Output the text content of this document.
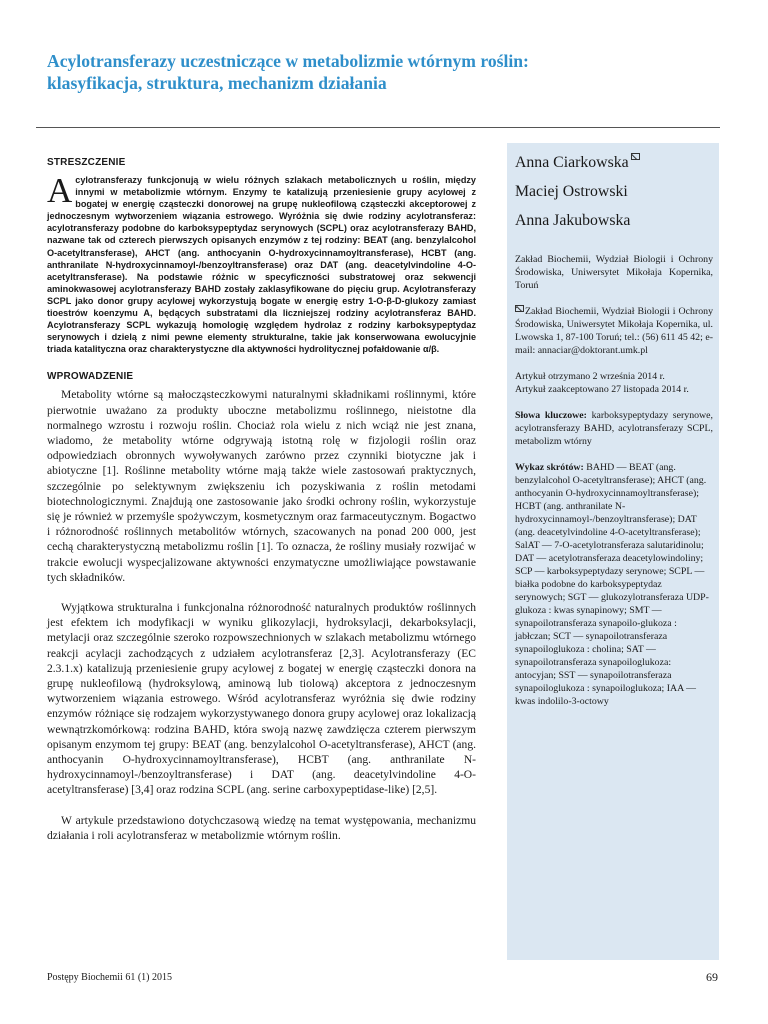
Acylotransferazy uczestniczące w metabolizmie wtórnym roślin: klasyfikacja, struktura, mechanizm działania
STRESZCZENIE

Acylotransferazy funkcjonują w wielu różnych szlakach metabolicznych u roślin, między innymi w metabolizmie wtórnym. Enzymy te katalizują przeniesienie grupy acylowej z bogatej w energię cząsteczki donorowej na grupę nukleofilową cząsteczki akceptorowej z jednoczesnym wytworzeniem wiązania estrowego. Wyróżnia się dwie rodziny acylotransferaz: acylotransferazy podobne do karboksypeptydaz serynowych (SCPL) oraz acylotransferazy BAHD, nazwane tak od czterech pierwszych opisanych enzymów z tej rodziny: BEAT (ang. benzylalcohol O-acetyltransferase), AHCT (ang. anthocyanin O-hydroxycinnamoyltransferase), HCBT (ang. anthranilate N-hydroxycinnamoyl-/benzoyltransferase) oraz DAT (ang. deacetylvindoline 4-O-acetyltransferase). Na podstawie różnic w specyficzności substratowej oraz sekwencji aminokwasowej acylotransferazy BAHD zostały zaklasyfikowane do pięciu grup. Acylotransferazy SCPL jako donor grupy acylowej wykorzystują bogate w energię estry 1-O-β-D-glukozy zamiast tioestrów koenzymu A, będących substratami dla liczniejszej rodziny acylotransferaz BAHD. Acylotransferazy SCPL wykazują homologię względem hydrolaz z rodziny karboksypeptydaz serynowych i dzielą z nimi pewne elementy strukturalne, takie jak konserwowana ewolucyjnie triada katalityczna oraz charakterystyczne dla aktywności hydrolitycznej pofałdowanie α/β.

WPROWADZENIE

Metabolity wtórne są małocząsteczkowymi naturalnymi składnikami roślinnymi, które pierwotnie uważano za produkty uboczne metabolizmu roślinnego, nieistotne dla normalnego wzrostu i rozwoju roślin. Chociaż rola wielu z nich wciąż nie jest znana, wiadomo, że metabolity wtórne odgrywają istotną rolę w fizjologii roślin oraz odpowiedziach obronnych wywoływanych zarówno przez czynniki biotyczne jak i abiotyczne [1]. Roślinne metabolity wtórne mają także wiele zastosowań praktycznych, szczególnie po selektywnym zwiększeniu ich pozyskiwania z roślin metodami biotechnologicznymi. Znajdują one zastosowanie jako środki ochrony roślin, wykorzystuje się je również w przemyśle spożywczym, kosmetycznym oraz farmaceutycznym. Bogactwo i różnorodność roślinnych metabolitów wtórnych, szacowanych na ponad 200 000, jest cechą charakterystyczną metabolizmu roślin [1]. To oznacza, że rośliny musiały rozwijać w trakcie ewolucji wyspecjalizowane aktywności enzymatyczne umożliwiające powstawanie tych składników.

Wyjątkowa strukturalna i funkcjonalna różnorodność naturalnych produktów roślinnych jest efektem ich modyfikacji w wyniku glikozylacji, hydroksylacji, dekarboksylacji, metylacji oraz szczególnie szeroko rozpowszechnionych w szlakach metabolizmu wtórnego reakcji acylacji zachodzących z udziałem acylotransferaz [2,3]. Acylotransferazy (EC 2.3.1.x) katalizują przeniesienie grupy acylowej z bogatej w energię cząsteczki donora na grupę nukleofilową (hydroksylową, aminową lub tiolową) akceptora z jednoczesnym wytworzeniem wiązania estrowego. Wśród acylotransferaz wyróżnia się dwie rodziny enzymów różniące się rodzajem wykorzystywanego donora grupy acylowej oraz lokalizacją wewnątrzkomórkową: rodzina BAHD, która swoją nazwę zawdzięcza czterem pierwszym opisanym enzymom tej grupy: BEAT (ang. benzylalcohol O-acetyltransferase), AHCT (ang. anthocyanin O-hydroxycinnamoyltransferase), HCBT (ang. anthranilate N-hydroxycinnamoyl-/benzoyltransferase) i DAT (ang. deacetylvindoline 4-O-acetyltransferase) [3,4] oraz rodzina SCPL (ang. serine carboxypeptidase-like) [2,5].

W artykule przedstawiono dotychczasową wiedzę na temat występowania, mechanizmu działania i roli acylotransferaz w metabolizmie wtórnym roślin.

Anna Ciarkowska

Maciej Ostrowski

Anna Jakubowska

Zakład Biochemii, Wydział Biologii i Ochrony Środowiska, Uniwersytet Mikołaja Kopernika, Toruń

Zakład Biochemii, Wydział Biologii i Ochrony Środowiska, Uniwersytet Mikołaja Kopernika, ul. Lwowska 1, 87-100 Toruń; tel.: (56) 611 45 42; e-mail: annaciar@doktorant.umk.pl

Artykuł otrzymano 2 września 2014 r.

Artykuł zaakceptowano 27 listopada 2014 r.

Słowa kluczowe: karboksypeptydazy serynowe, acylotransferazy BAHD, acylotransferazy SCPL, metabolizm wtórny

Wykaz skrótów: BAHD — BEAT (ang. benzylalcohol O-acetyltransferase); AHCT (ang. anthocyanin O-hydroxycinnamoyltransferase); HCBT (ang. anthranilate N-hydroxycinnamoyl-/benzoyltransferase); DAT (ang. deacetylvindoline 4-O-acetyltransferase); SalAT — 7-O-acetylotransferaza salutaridinolu; DAT — acetylotransferaza deacetylowindoliny; SCP — karboksypeptydazy serynowe; SCPL — białka podobne do karboksypeptydaz serynowych; SGT — glukozylotransferaza UDP-glukoza : kwas synapinowy; SMT — synapoilotransferaza synapoilo-glukoza : jabłczan; SCT — synapoilotransferaza synapoiloglukoza : cholina; SAT — synapoilotransferaza synapoiloglukoza: antocyjan; SST — synapoilotransferaza synapoiloglukoza : synapoiloglukoza; IAA — kwas indolilo-3-octowy

Postępy Biochemii 61 (1) 2015	69
